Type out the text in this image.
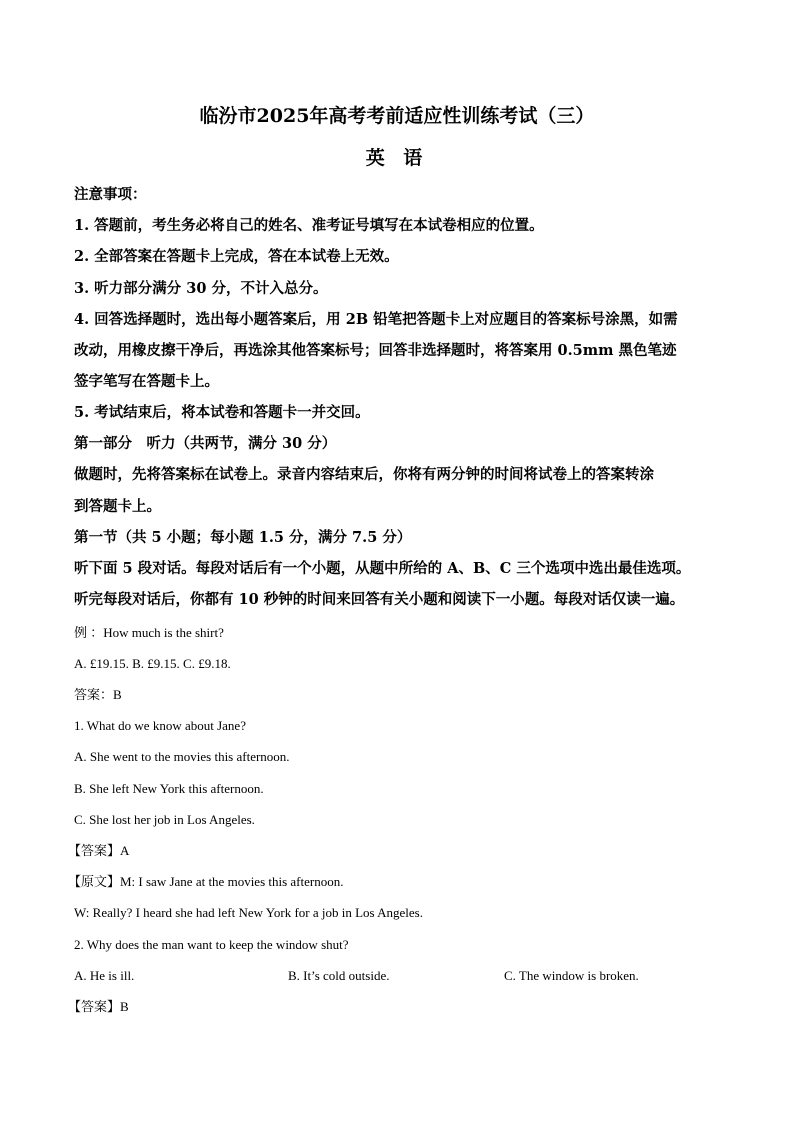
临汾市2025年高考考前适应性训练考试（三）
英 语
注意事项：
1. 答题前，考生务必将自己的姓名、准考证号填写在本试卷相应的位置。
2. 全部答案在答题卡上完成，答在本试卷上无效。
3. 听力部分满分 30 分，不计入总分。
4. 回答选择题时，选出每小题答案后，用 2B 铅笔把答题卡上对应题目的答案标号涂黑，如需
改动，用橡皮擦干净后，再选涂其他答案标号；回答非选择题时，将答案用 0.5mm 黑色笔迹
签字笔写在答题卡上。
5. 考试结束后，将本试卷和答题卡一并交回。
第一部分　听力（共两节，满分 30 分）
做题时，先将答案标在试卷上。录音内容结束后，你将有两分钟的时间将试卷上的答案转涂
到答题卡上。
第一节（共 5 小题；每小题 1.5 分，满分 7.5 分）
听下面 5 段对话。每段对话后有一个小题，从题中所给的 A、B、C 三个选项中选出最佳选项。
听完每段对话后，你都有 10 秒钟的时间来回答有关小题和阅读下一小题。每段对话仅读一遍。
例 ：How much is the shirt?
A. £19.15. B. £9.15. C. £9.18.
答案：B
1. What do we know about Jane?
A. She went to the movies this afternoon.
B. She left New York this afternoon.
C. She lost her job in Los Angeles.
【答案】A
【原文】M: I saw Jane at the movies this afternoon.
W: Really? I heard she had left New York for a job in Los Angeles.
2. Why does the man want to keep the window shut?
A. He is ill.	B. It’s cold outside.	C. The window is broken.
【答案】B
